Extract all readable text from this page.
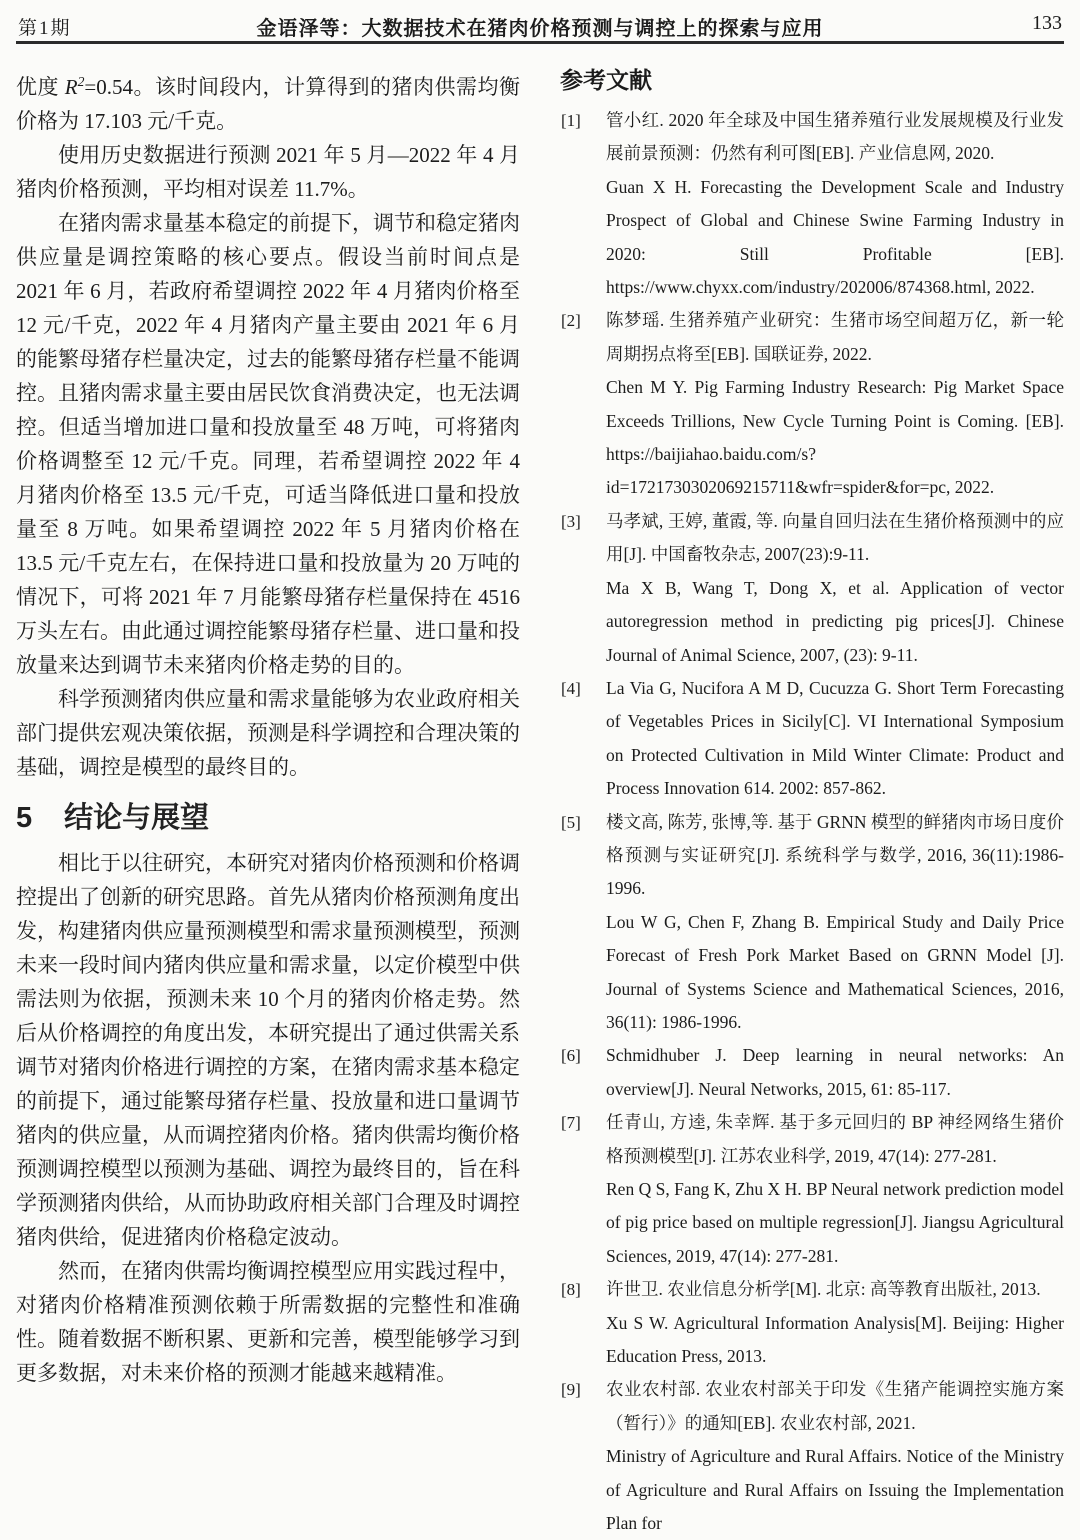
第1期	金语泽等：大数据技术在猪肉价格预测与调控上的探索与应用	133

优度 $R^2=0.54$。该时间段内，计算得到的猪肉供需均衡价格为 17.103 元/千克。

使用历史数据进行预测 2021 年 5 月—2022 年 4 月猪肉价格预测，平均相对误差 11.7%。

在猪肉需求量基本稳定的前提下，调节和稳定猪肉供应量是调控策略的核心要点。假设当前时间点是 2021 年 6 月，若政府希望调控 2022 年 4 月猪肉价格至 12 元/千克，2022 年 4 月猪肉产量主要由 2021 年 6 月的能繁母猪存栏量决定，过去的能繁母猪存栏量不能调控。且猪肉需求量主要由居民饮食消费决定，也无法调控。但适当增加进口量和投放量至 48 万吨，可将猪肉价格调整至 12 元/千克。同理，若希望调控 2022 年 4 月猪肉价格至 13.5 元/千克，可适当降低进口量和投放量至 8 万吨。如果希望调控 2022 年 5 月猪肉价格在 13.5 元/千克左右，在保持进口量和投放量为 20 万吨的情况下，可将 2021 年 7 月能繁母猪存栏量保持在 4516 万头左右。由此通过调控能繁母猪存栏量、进口量和投放量来达到调节未来猪肉价格走势的目的。

科学预测猪肉供应量和需求量能够为农业政府相关部门提供宏观决策依据，预测是科学调控和合理决策的基础，调控是模型的最终目的。

5 结论与展望

相比于以往研究，本研究对猪肉价格预测和价格调控提出了创新的研究思路。首先从猪肉价格预测角度出发，构建猪肉供应量预测模型和需求量预测模型，预测未来一段时间内猪肉供应量和需求量，以定价模型中供需法则为依据，预测未来 10 个月的猪肉价格走势。然后从价格调控的角度出发，本研究提出了通过供需关系调节对猪肉价格进行调控的方案，在猪肉需求基本稳定的前提下，通过能繁母猪存栏量、投放量和进口量调节猪肉的供应量，从而调控猪肉价格。猪肉供需均衡价格预测调控模型以预测为基础、调控为最终目的，旨在科学预测猪肉供给，从而协助政府相关部门合理及时调控猪肉供给，促进猪肉价格稳定波动。

然而，在猪肉供需均衡调控模型应用实践过程中，对猪肉价格精准预测依赖于所需数据的完整性和准确性。随着数据不断积累、更新和完善，模型能够学习到更多数据，对未来价格的预测才能越来越精准。

参考文献
[1] 管小红. 2020 年全球及中国生猪养殖行业发展规模及行业发展前景预测：仍然有利可图[EB]. 产业信息网, 2020.
Guan X H. Forecasting the Development Scale and Industry Prospect of Global and Chinese Swine Farming Industry in 2020: Still Profitable [EB]. https://www.chyxx.com/industry/202006/874368.html, 2022.
[2] 陈梦瑶. 生猪养殖产业研究：生猪市场空间超万亿，新一轮周期拐点将至[EB]. 国联证券, 2022.
Chen M Y. Pig Farming Industry Research: Pig Market Space Exceeds Trillions, New Cycle Turning Point is Coming. [EB]. https://baijiahao.baidu.com/s?id=1721730302069215711&wfr=spider&for=pc, 2022.
[3] 马孝斌, 王婷, 董霞, 等. 向量自回归法在生猪价格预测中的应用[J]. 中国畜牧杂志, 2007(23):9-11.
Ma X B, Wang T, Dong X, et al. Application of vector autoregression method in predicting pig prices[J]. Chinese Journal of Animal Science, 2007, (23): 9-11.
[4] La Via G, Nucifora A M D, Cucuzza G. Short Term Forecasting of Vegetables Prices in Sicily[C]. VI International Symposium on Protected Cultivation in Mild Winter Climate: Product and Process Innovation 614. 2002: 857-862.
[5] 楼文高, 陈芳, 张博,等. 基于 GRNN 模型的鲜猪肉市场日度价格预测与实证研究[J]. 系统科学与数学, 2016, 36(11):1986-1996.
Lou W G, Chen F, Zhang B. Empirical Study and Daily Price Forecast of Fresh Pork Market Based on GRNN Model [J]. Journal of Systems Science and Mathematical Sciences, 2016, 36(11): 1986-1996.
[6] Schmidhuber J. Deep learning in neural networks: An overview[J]. Neural Networks, 2015, 61: 85-117.
[7] 任青山, 方逵, 朱幸辉. 基于多元回归的 BP 神经网络生猪价格预测模型[J]. 江苏农业科学, 2019, 47(14): 277-281.
Ren Q S, Fang K, Zhu X H. BP Neural network prediction model of pig price based on multiple regression[J]. Jiangsu Agricultural Sciences, 2019, 47(14): 277-281.
[8] 许世卫. 农业信息分析学[M]. 北京: 高等教育出版社, 2013.
Xu S W. Agricultural Information Analysis[M]. Beijing: Higher Education Press, 2013.
[9] 农业农村部. 农业农村部关于印发《生猪产能调控实施方案（暂行）》的通知[EB]. 农业农村部, 2021.
Ministry of Agriculture and Rural Affairs. Notice of the Ministry of Agriculture and Rural Affairs on Issuing the Implementation Plan for
